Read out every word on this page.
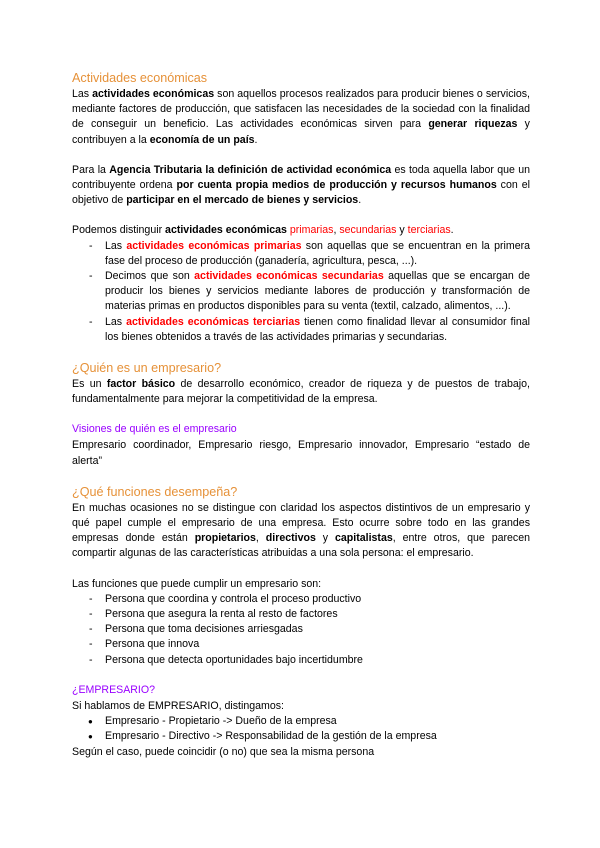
Actividades económicas

Las actividades económicas son aquellos procesos realizados para producir bienes o servicios, mediante factores de producción, que satisfacen las necesidades de la sociedad con la finalidad de conseguir un beneficio. Las actividades económicas sirven para generar riquezas y contribuyen a la economía de un país.

Para la Agencia Tributaria la definición de actividad económica es toda aquella labor que un contribuyente ordena por cuenta propia medios de producción y recursos humanos con el objetivo de participar en el mercado de bienes y servicios.

Podemos distinguir actividades económicas primarias, secundarias y terciarias.

- Las actividades económicas primarias son aquellas que se encuentran en la primera fase del proceso de producción (ganadería, agricultura, pesca, ...).
- Decimos que son actividades económicas secundarias aquellas que se encargan de producir los bienes y servicios mediante labores de producción y transformación de materias primas en productos disponibles para su venta (textil, calzado, alimentos, ...).
- Las actividades económicas terciarias tienen como finalidad llevar al consumidor final los bienes obtenidos a través de las actividades primarias y secundarias.
¿Quién es un empresario?

Es un factor básico de desarrollo económico, creador de riqueza y de puestos de trabajo, fundamentalmente para mejorar la competitividad de la empresa.

Visiones de quién es el empresario

Empresario coordinador, Empresario riesgo, Empresario innovador, Empresario “estado de alerta”

¿Qué funciones desempeña?

En muchas ocasiones no se distingue con claridad los aspectos distintivos de un empresario y qué papel cumple el empresario de una empresa. Esto ocurre sobre todo en las grandes empresas donde están propietarios, directivos y capitalistas, entre otros, que parecen compartir algunas de las características atribuidas a una sola persona: el empresario.

Las funciones que puede cumplir un empresario son:

- Persona que coordina y controla el proceso productivo
- Persona que asegura la renta al resto de factores
- Persona que toma decisiones arriesgadas
- Persona que innova
- Persona que detecta oportunidades bajo incertidumbre
¿EMPRESARIO?

Si hablamos de EMPRESARIO, distingamos:

● Empresario - Propietario -> Dueño de la empresa
● Empresario - Directivo -> Responsabilidad de la gestión de la empresa

Según el caso, puede coincidir (o no) que sea la misma persona
